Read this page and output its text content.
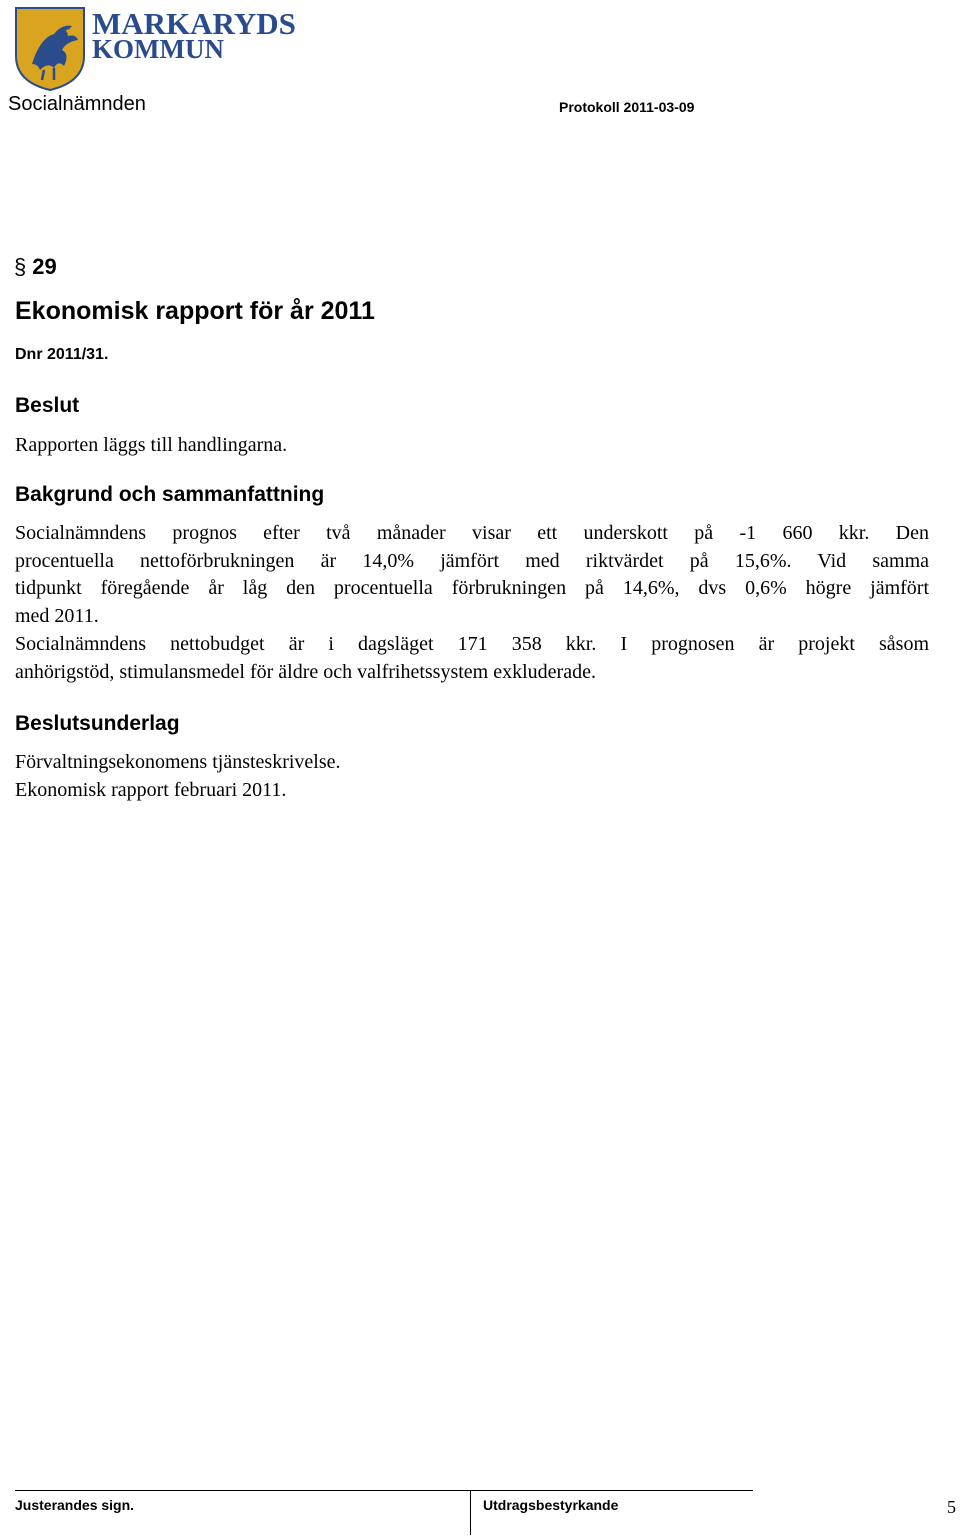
MARKARYDS
KOMMUN
Socialnämnden	Protokoll 2011-03-09
§ 29
Ekonomisk rapport för år 2011
Dnr 2011/31.
Beslut
Rapporten läggs till handlingarna.
Bakgrund och sammanfattning
Socialnämndens prognos efter två månader visar ett underskott på -1 660 kkr. Den
procentuella nettoförbrukningen är 14,0% jämfört med riktvärdet på 15,6%. Vid samma
tidpunkt föregående år låg den procentuella förbrukningen på 14,6%, dvs 0,6% högre jämfört
med 2011.
Socialnämndens nettobudget är i dagsläget 171 358 kkr. I prognosen är projekt såsom
anhörigstöd, stimulansmedel för äldre och valfrihetssystem exkluderade.
Beslutsunderlag
Förvaltningsekonomens tjänsteskrivelse.
Ekonomisk rapport februari 2011.
Justerandes sign.	Utdragsbestyrkande	5
